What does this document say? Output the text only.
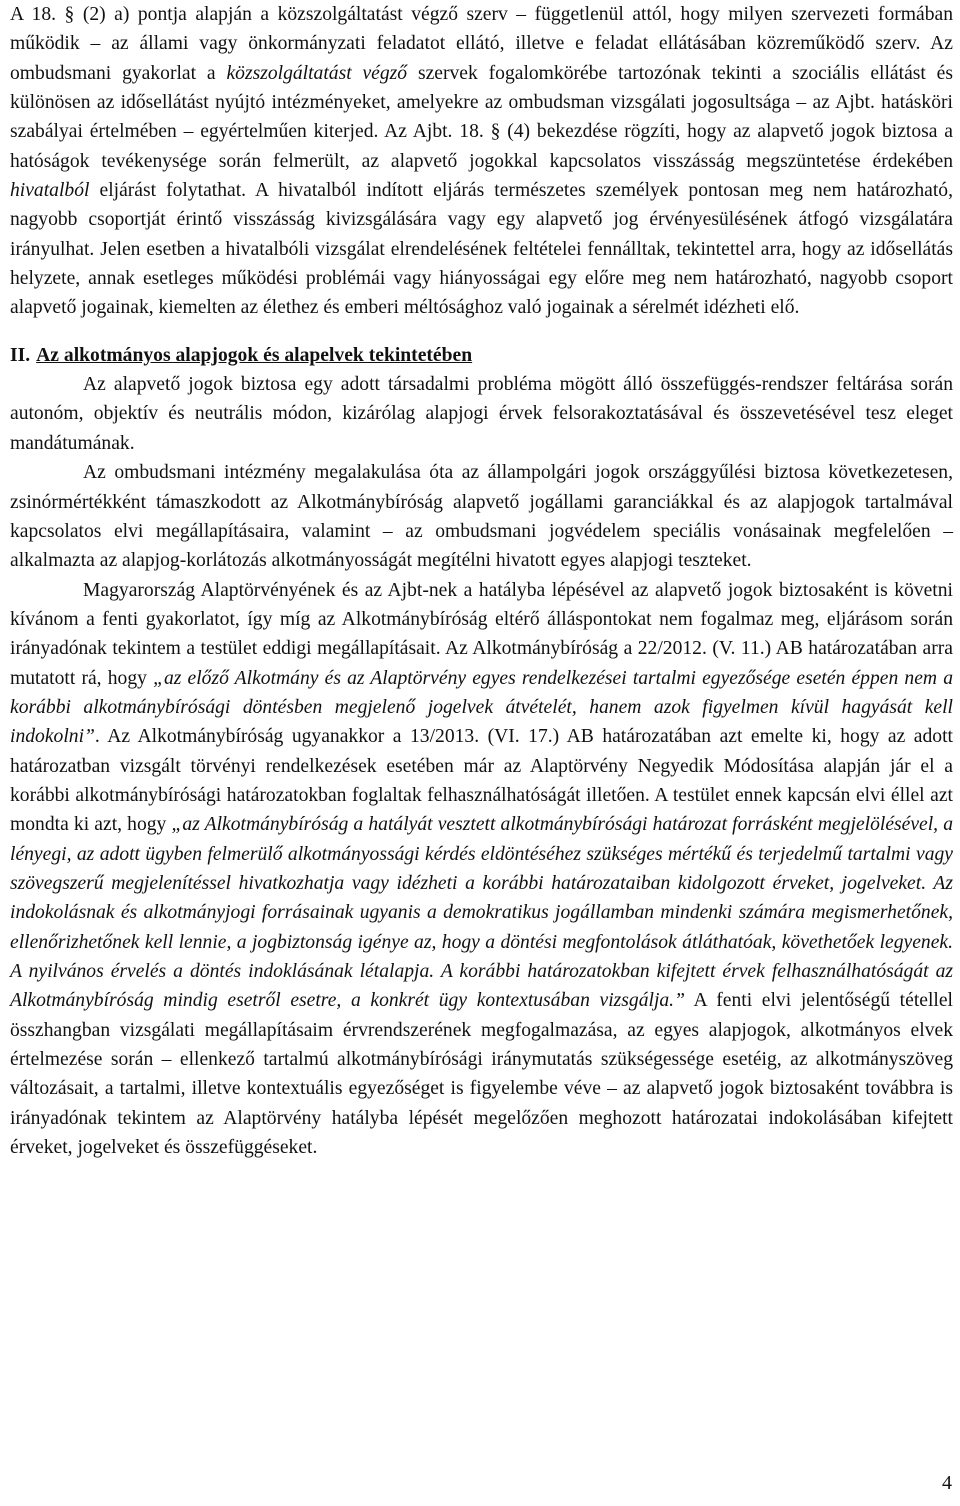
A 18. § (2) a) pontja alapján a közszolgáltatást végző szerv – függetlenül attól, hogy milyen szervezeti formában működik – az állami vagy önkormányzati feladatot ellátó, illetve e feladat ellátásában közreműködő szerv. Az ombudsmani gyakorlat a közszolgáltatást végző szervek fogalomkörébe tartozónak tekinti a szociális ellátást és különösen az idősellátást nyújtó intézményeket, amelyekre az ombudsman vizsgálati jogosultsága – az Ajbt. hatásköri szabályai értelmében – egyértelműen kiterjed. Az Ajbt. 18. § (4) bekezdése rögzíti, hogy az alapvető jogok biztosa a hatóságok tevékenysége során felmerült, az alapvető jogokkal kapcsolatos visszásság megszüntetése érdekében hivatalból eljárást folytathat. A hivatalból indított eljárás természetes személyek pontosan meg nem határozható, nagyobb csoportját érintő visszásság kivizsgálására vagy egy alapvető jog érvényesülésének átfogó vizsgálatára irányulhat. Jelen esetben a hivatalbóli vizsgálat elrendelésének feltételei fennálltak, tekintettel arra, hogy az idősellátás helyzete, annak esetleges működési problémái vagy hiányosságai egy előre meg nem határozható, nagyobb csoport alapvető jogainak, kiemelten az élethez és emberi méltósághoz való jogainak a sérelmét idézheti elő.

II. Az alkotmányos alapjogok és alapelvek tekintetében

Az alapvető jogok biztosa egy adott társadalmi probléma mögött álló összefüggés-rendszer feltárása során autonóm, objektív és neutrális módon, kizárólag alapjogi érvek felsorakoztatásával és összevetésével tesz eleget mandátumának.

Az ombudsmani intézmény megalakulása óta az állampolgári jogok országgyűlési biztosa következetesen, zsinórmértékként támaszkodott az Alkotmánybíróság alapvető jogállami garanciákkal és az alapjogok tartalmával kapcsolatos elvi megállapításaira, valamint – az ombudsmani jogvédelem speciális vonásainak megfelelően – alkalmazta az alapjog-korlátozás alkotmányosságát megítélni hivatott egyes alapjogi teszteket.

Magyarország Alaptörvényének és az Ajbt-nek a hatályba lépésével az alapvető jogok biztosaként is követni kívánom a fenti gyakorlatot, így míg az Alkotmánybíróság eltérő álláspontokat nem fogalmaz meg, eljárásom során irányadónak tekintem a testület eddigi megállapításait. Az Alkotmánybíróság a 22/2012. (V. 11.) AB határozatában arra mutatott rá, hogy „az előző Alkotmány és az Alaptörvény egyes rendelkezései tartalmi egyezősége esetén éppen nem a korábbi alkotmánybírósági döntésben megjelenő jogelvek átvételét, hanem azok figyelmen kívül hagyását kell indokolni”. Az Alkotmánybíróság ugyanakkor a 13/2013. (VI. 17.) AB határozatában azt emelte ki, hogy az adott határozatban vizsgált törvényi rendelkezések esetében már az Alaptörvény Negyedik Módosítása alapján jár el a korábbi alkotmánybírósági határozatokban foglaltak felhasználhatóságát illetően. A testület ennek kapcsán elvi éllel azt mondta ki azt, hogy „az Alkotmánybíróság a hatályát vesztett alkotmánybírósági határozat forrásként megjelölésével, a lényegi, az adott ügyben felmerülő alkotmányossági kérdés eldöntéséhez szükséges mértékű és terjedelmű tartalmi vagy szövegszerű megjelenítéssel hivatkozhatja vagy idézheti a korábbi határozataiban kidolgozott érveket, jogelveket. Az indokolásnak és alkotmányjogi forrásainak ugyanis a demokratikus jogállamban mindenki számára megismerhetőnek, ellenőrizhetőnek kell lennie, a jogbiztonság igénye az, hogy a döntési megfontolások átláthatóak, követhetőek legyenek. A nyilvános érvelés a döntés indoklásának létalapja. A korábbi határozatokban kifejtett érvek felhasználhatóságát az Alkotmánybíróság mindig esetről esetre, a konkrét ügy kontextusában vizsgálja.” A fenti elvi jelentőségű tétellel összhangban vizsgálati megállapításaim érvrendszerének megfogalmazása, az egyes alapjogok, alkotmányos elvek értelmezése során – ellenkező tartalmú alkotmánybírósági iránymutatás szükségessége esetéig, az alkotmányszöveg változásait, a tartalmi, illetve kontextuális egyezőséget is figyelembe véve – az alapvető jogok biztosaként továbbra is irányadónak tekintem az Alaptörvény hatályba lépését megelőzően meghozott határozatai indokolásában kifejtett érveket, jogelveket és összefüggéseket.

4
